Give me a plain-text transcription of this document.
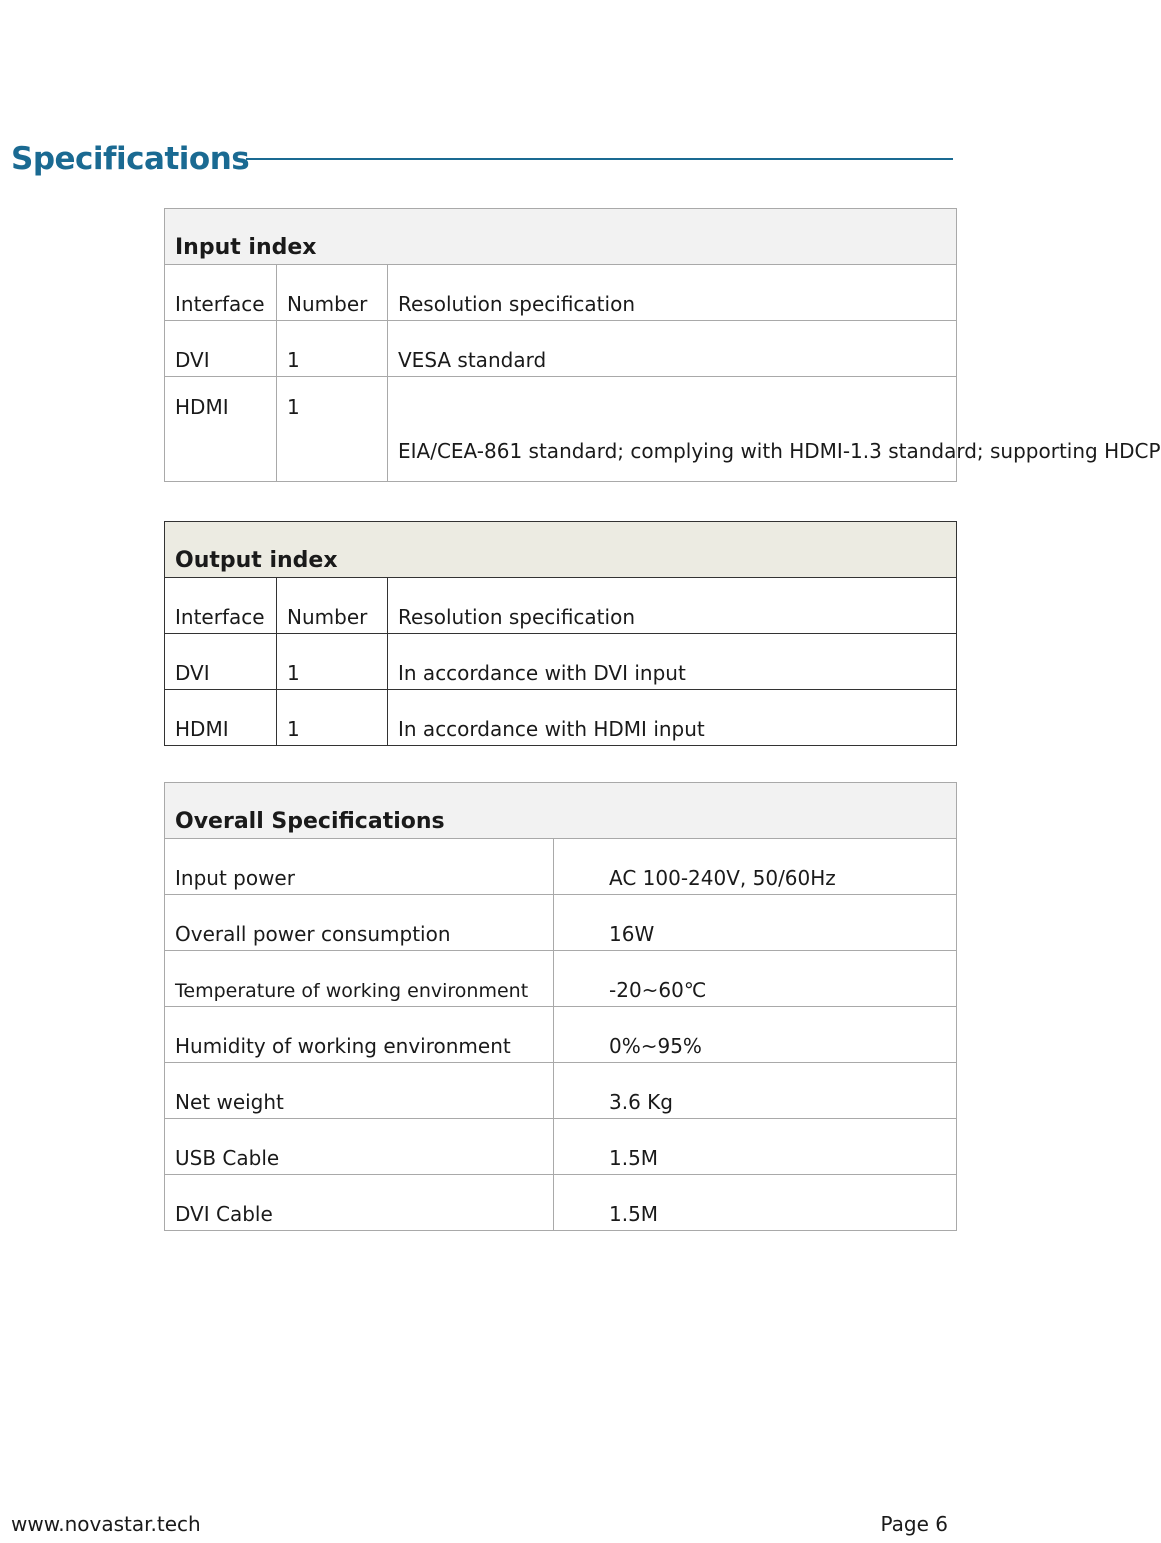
Specifications
Input index		
Interface	Number	Resolution specification
DVI	1	VESA standard
HDMI	1	EIA/CEA-861 standard; complying with HDMI-1.3 standard; supporting HDCP
Output index		
Interface	Number	Resolution specification
DVI	1	In accordance with DVI input
HDMI	1	In accordance with HDMI input
Overall Specifications	
Input power	AC 100-240V, 50/60Hz
Overall power consumption	16W
Temperature of working environment	-20~60℃
Humidity of working environment	0%~95%
Net weight	3.6 Kg
USB Cable	1.5M
DVI Cable	1.5M
www.novastar.tech	Page 6
